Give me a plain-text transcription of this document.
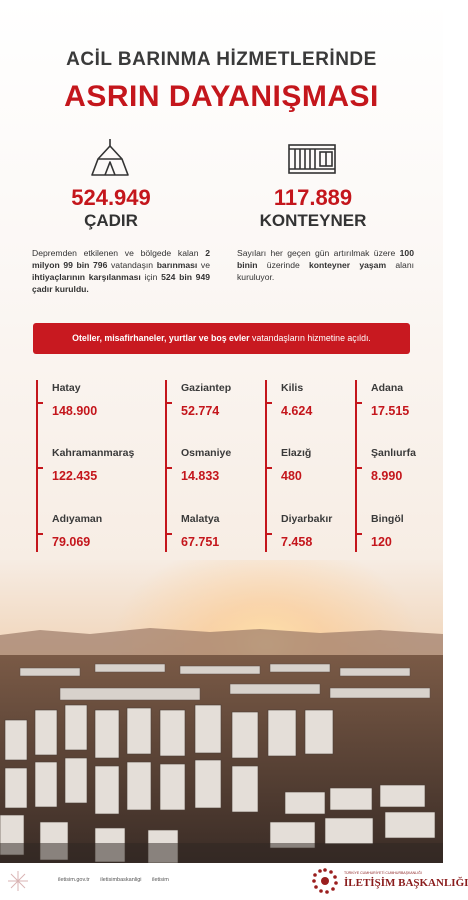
ACİL BARINMA HİZMETLERİNDE
ASRIN DAYANIŞMASI
524.949
ÇADIR
117.889
KONTEYNER
Depremden etkilenen ve bölgede kalan 2 milyon 99 bin 796 vatandaşın barınması ve ihtiyaçlarının karşılanması için 524 bin 949 çadır kuruldu.
Sayıları her geçen gün artırılmak üzere 100 binin üzerinde konteyner yaşam alanı kuruluyor.
Oteller, misafirhaneler, yurtlar ve boş evler vatandaşların hizmetine açıldı.
Hatay
148.900
Kahramanmaraş
122.435
Adıyaman
79.069
Gaziantep
52.774
Osmaniye
14.833
Malatya
67.751
Kilis
4.624
Elazığ
480
Diyarbakır
7.458
Adana
17.515
Şanlıurfa
8.990
Bingöl
120
iletisim.gov.tr iletisimbaskanligi iletisim
TÜRKİYE CUMHURİYETİ CUMHURBAŞKANLIĞI
İLETİŞİM BAŞKANLIĞI
